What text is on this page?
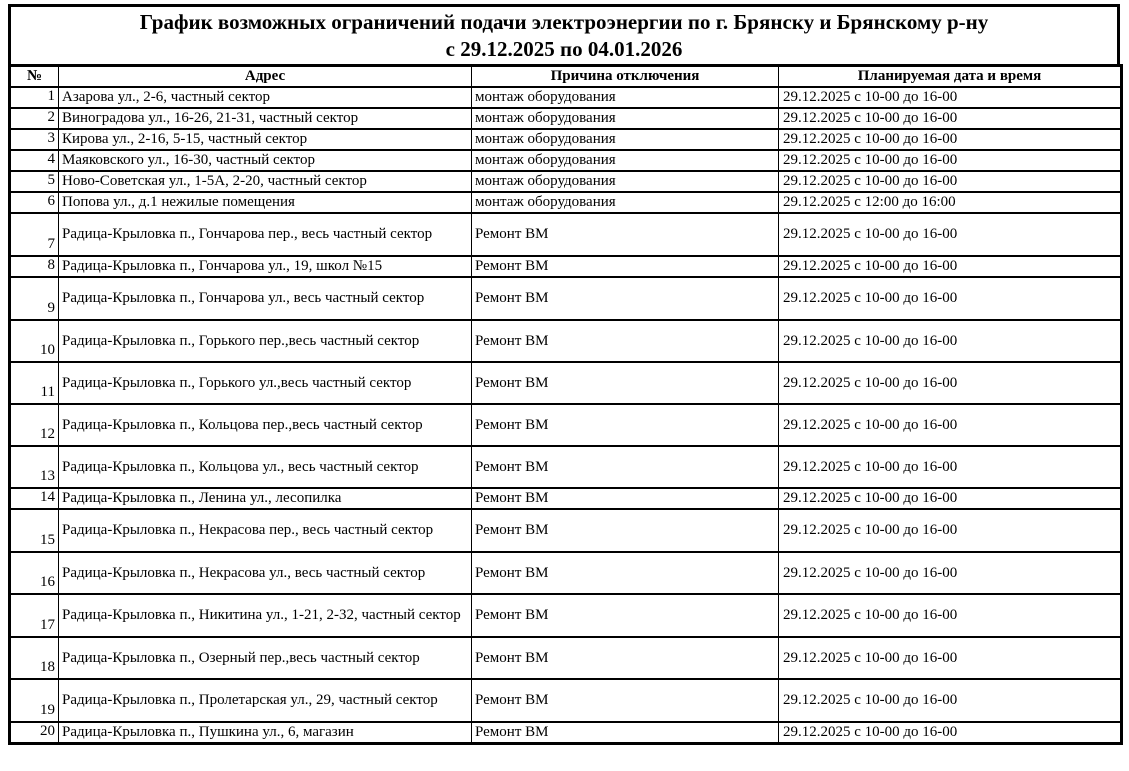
График возможных ограничений подачи электроэнергии по г. Брянску и Брянскому р-ну
с 29.12.2025 по 04.01.2026
№	Адрес	Причина отключения	Планируемая дата и время
1	Азарова ул., 2-6, частный сектор	монтаж оборудования	29.12.2025 с 10-00 до 16-00
2	Виноградова ул., 16-26, 21-31, частный сектор	монтаж оборудования	29.12.2025 с 10-00 до 16-00
3	Кирова ул., 2-16, 5-15, частный сектор	монтаж оборудования	29.12.2025 с 10-00 до 16-00
4	Маяковского ул., 16-30, частный сектор	монтаж оборудования	29.12.2025 с 10-00 до 16-00
5	Ново-Советская ул., 1-5А, 2-20, частный сектор	монтаж оборудования	29.12.2025 с 10-00 до 16-00
6	Попова ул., д.1 нежилые помещения	монтаж оборудования	29.12.2025 с 12:00 до 16:00
7	Радица-Крыловка п., Гончарова пер., весь частный сектор	Ремонт ВМ	29.12.2025 с 10-00 до 16-00
8	Радица-Крыловка п., Гончарова ул., 19, школ №15	Ремонт ВМ	29.12.2025 с 10-00 до 16-00
9	Радица-Крыловка п., Гончарова ул., весь частный сектор	Ремонт ВМ	29.12.2025 с 10-00 до 16-00
10	Радица-Крыловка п., Горького пер.,весь частный сектор	Ремонт ВМ	29.12.2025 с 10-00 до 16-00
11	Радица-Крыловка п., Горького ул.,весь частный сектор	Ремонт ВМ	29.12.2025 с 10-00 до 16-00
12	Радица-Крыловка п., Кольцова пер.,весь частный сектор	Ремонт ВМ	29.12.2025 с 10-00 до 16-00
13	Радица-Крыловка п., Кольцова ул., весь частный сектор	Ремонт ВМ	29.12.2025 с 10-00 до 16-00
14	Радица-Крыловка п., Ленина ул., лесопилка	Ремонт ВМ	29.12.2025 с 10-00 до 16-00
15	Радица-Крыловка п., Некрасова пер., весь частный сектор	Ремонт ВМ	29.12.2025 с 10-00 до 16-00
16	Радица-Крыловка п., Некрасова ул., весь частный сектор	Ремонт ВМ	29.12.2025 с 10-00 до 16-00
17	Радица-Крыловка п., Никитина ул., 1-21, 2-32, частный сектор	Ремонт ВМ	29.12.2025 с 10-00 до 16-00
18	Радица-Крыловка п., Озерный пер.,весь частный сектор	Ремонт ВМ	29.12.2025 с 10-00 до 16-00
19	Радица-Крыловка п., Пролетарская ул., 29, частный сектор	Ремонт ВМ	29.12.2025 с 10-00 до 16-00
20	Радица-Крыловка п., Пушкина ул., 6, магазин	Ремонт ВМ	29.12.2025 с 10-00 до 16-00
